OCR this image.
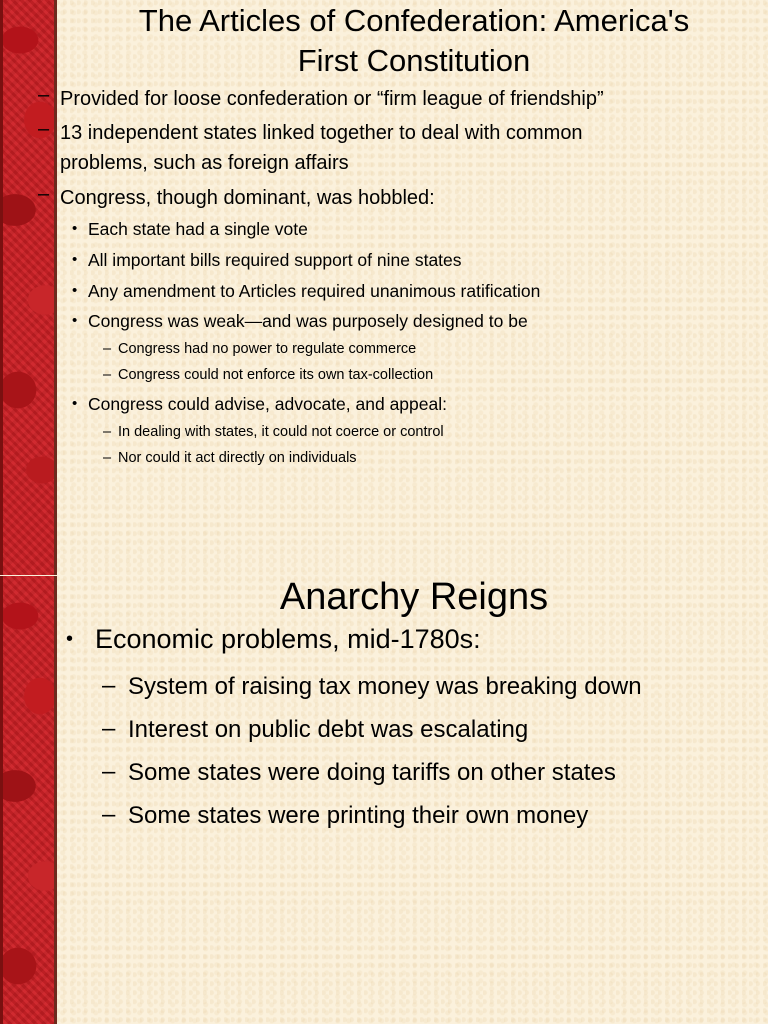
The Articles of Confederation: America's
First Constitution
– Provided for loose confederation or “firm league of friendship”
– 13 independent states linked together to deal with common
problems, such as foreign affairs
– Congress, though dominant, was hobbled:
• Each state had a single vote
• All important bills required support of nine states
• Any amendment to Articles required unanimous ratification
• Congress was weak—and was purposely designed to be
– Congress had no power to regulate commerce
– Congress could not enforce its own tax-collection
• Congress could advise, advocate, and appeal:
– In dealing with states, it could not coerce or control
– Nor could it act directly on individuals
Anarchy Reigns
• Economic problems, mid-1780s:
– System of raising tax money was breaking down
– Interest on public debt was escalating
– Some states were doing tariffs on other states
– Some states were printing their own money
